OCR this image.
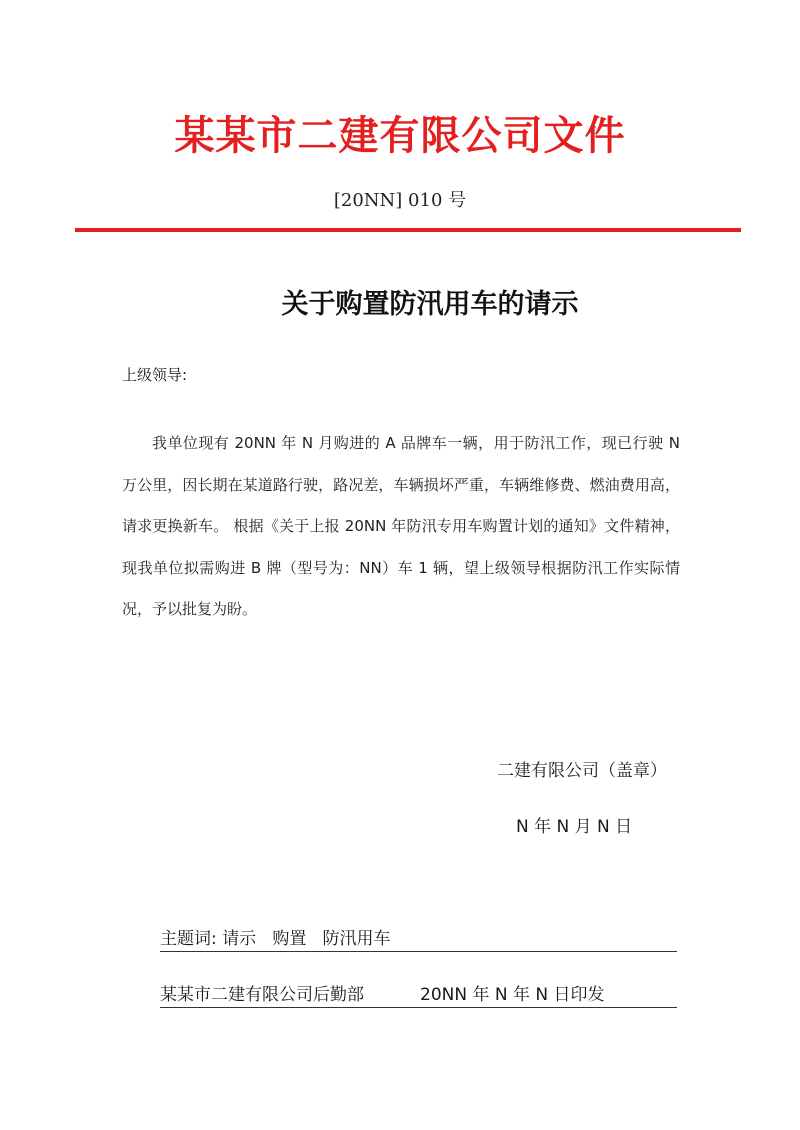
某某市二建有限公司文件
[20NN] 010 号
关于购置防汛用车的请示
上级领导:
我单位现有 20NN 年 N 月购进的 A 品牌车一辆，用于防汛工作，现已行驶 N 万公里，因长期在某道路行驶，路况差，车辆损坏严重，车辆维修费、燃油费用高，请求更换新车。 根据《关于上报 20NN 年防汛专用车购置计划的通知》文件精神，现我单位拟需购进 B 牌（型号为：NN）车 1 辆，望上级领导根据防汛工作实际情况，予以批复为盼。
二建有限公司（盖章）
N 年 N 月 N 日
主题词: 请示   购置   防汛用车
某某市二建有限公司后勤部	20NN 年 N 年 N 日印发
